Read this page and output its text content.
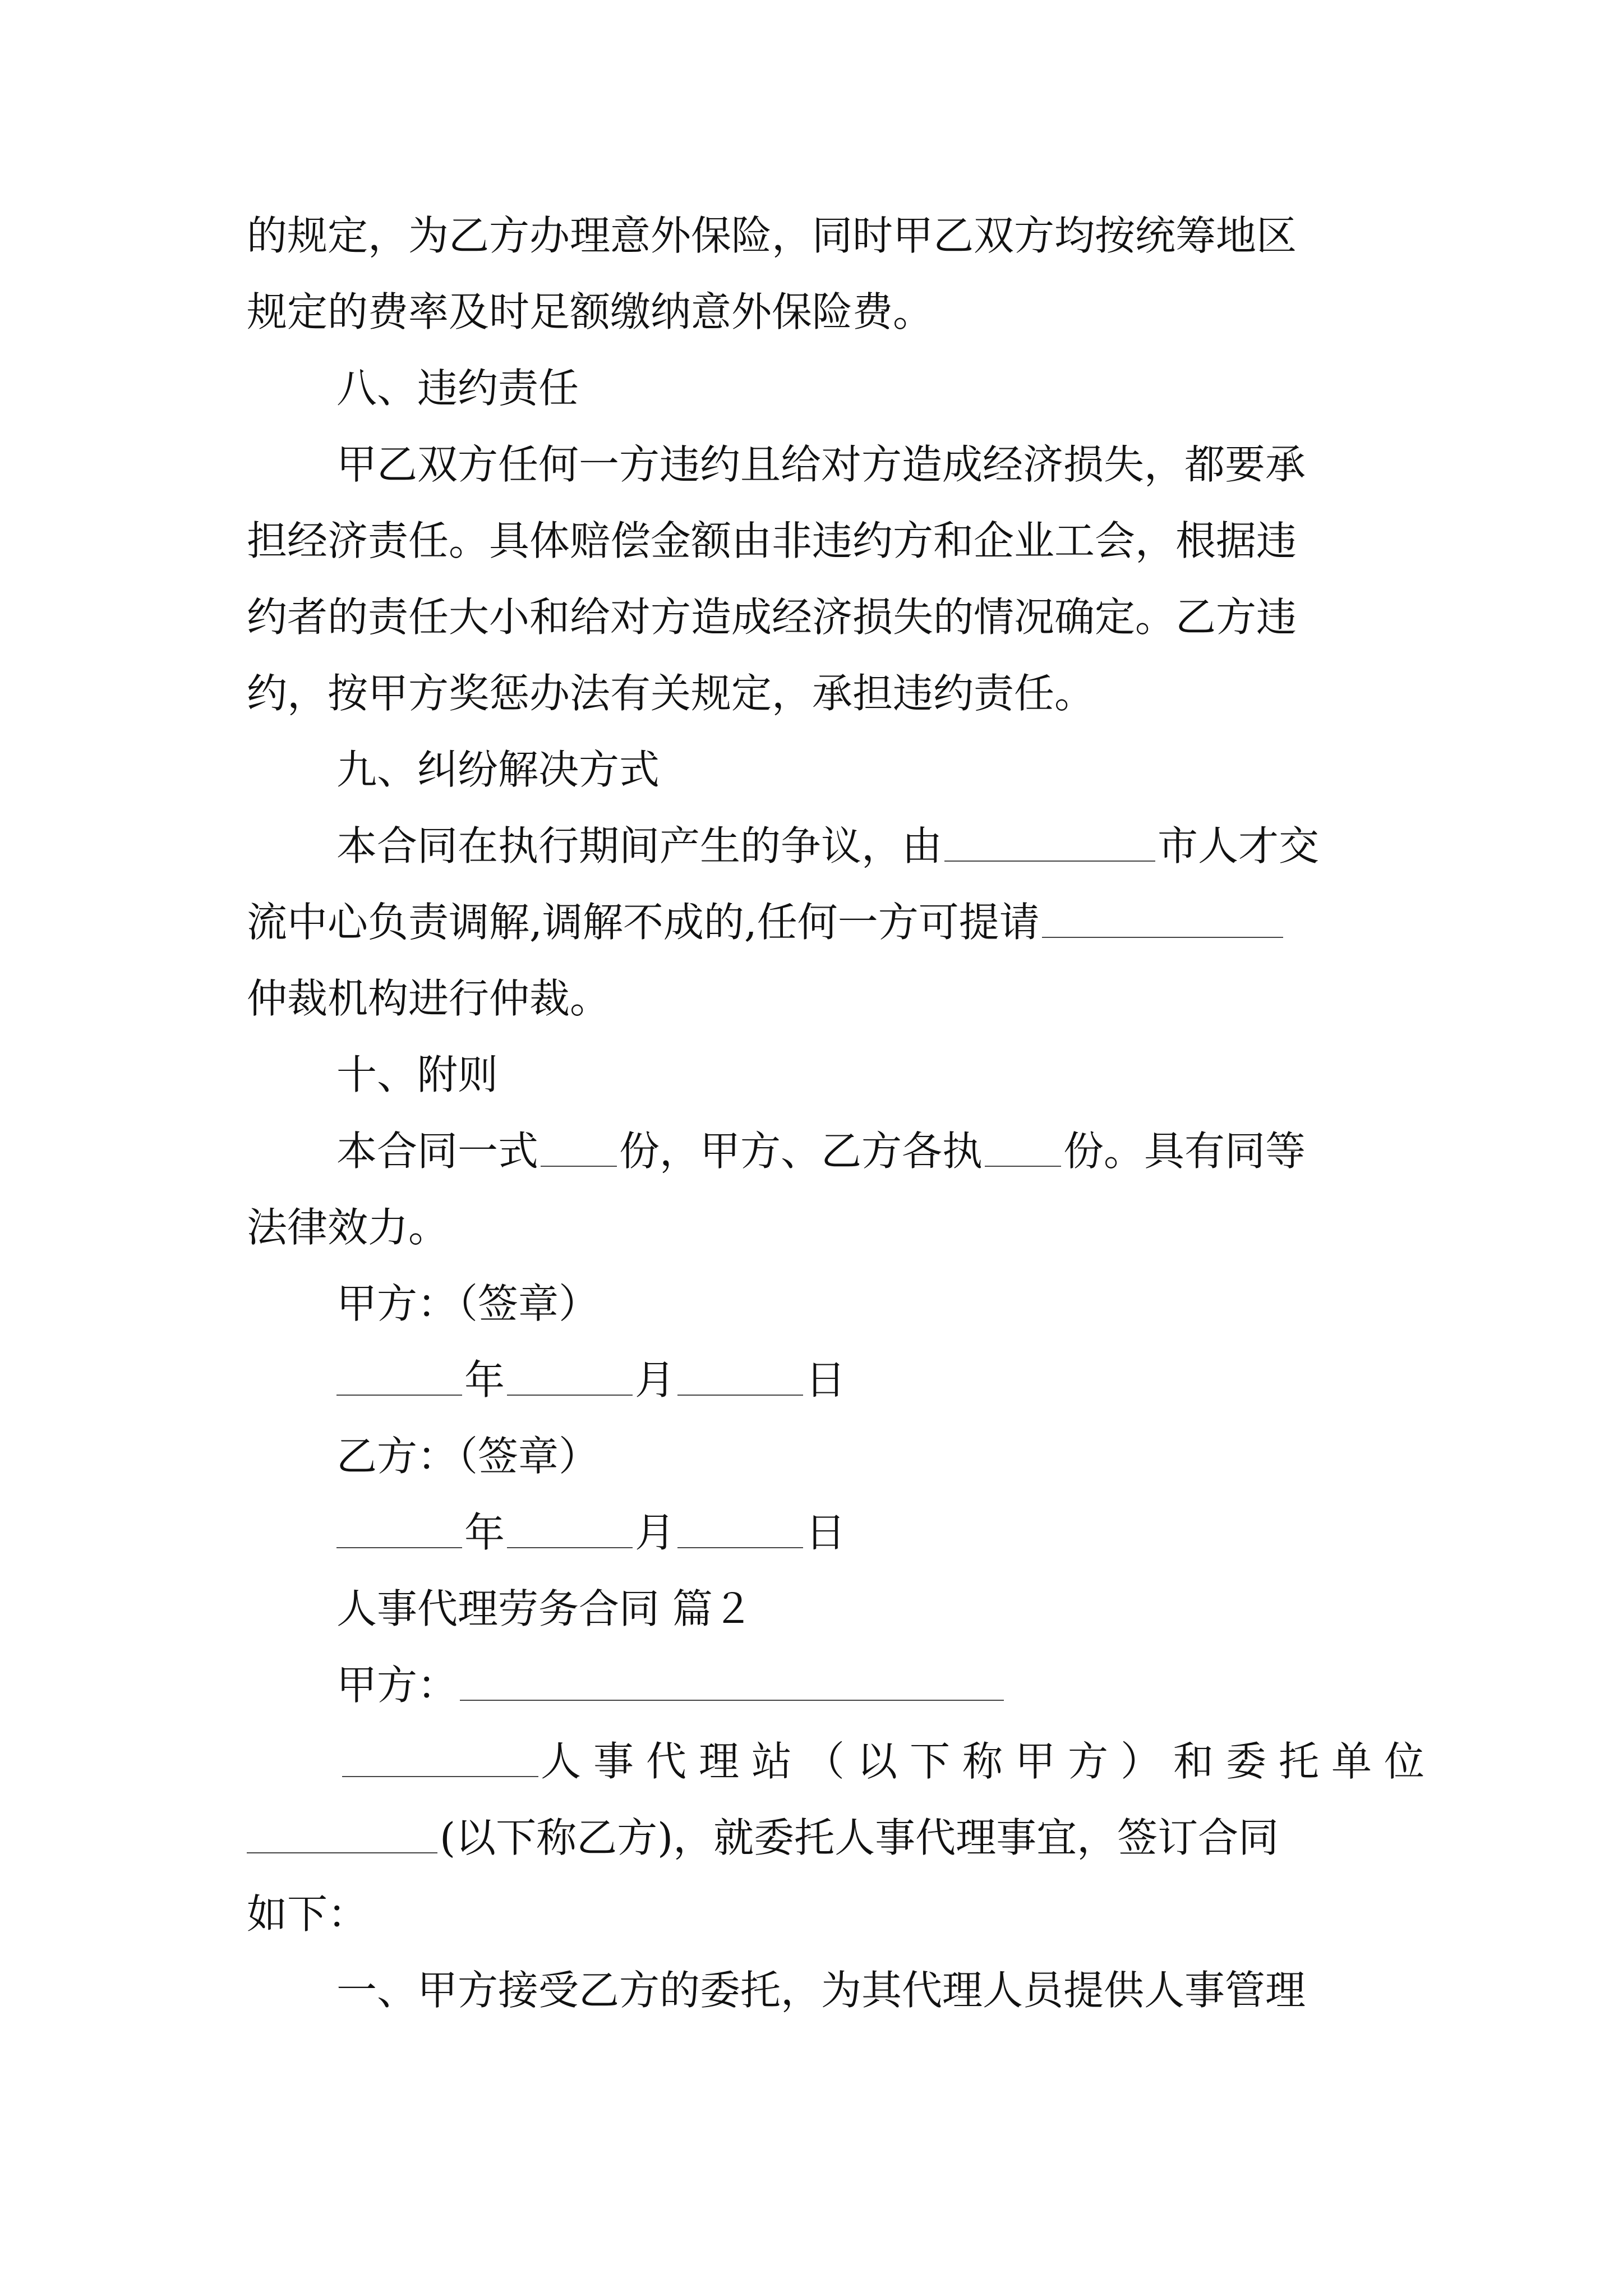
的规定，为乙方办理意外保险，同时甲乙双方均按统筹地区
规定的费率及时足额缴纳意外保险费。
八、违约责任
甲乙双方任何一方违约且给对方造成经济损失，都要承
担经济责任。具体赔偿金额由非违约方和企业工会，根据违
约者的责任大小和给对方造成经济损失的情况确定。乙方违
约，按甲方奖惩办法有关规定，承担违约责任。
九、纠纷解决方式
本合同在执行期间产生的争议，由	市人才交
流中心负责调解,调解不成的,任何一方可提请
仲裁机构进行仲裁。
十、附则
本合同一式 份，甲方、乙方各执 份。具有同等
法律效力。
甲方：（签章）
年	月	日
乙方：（签章）
年	月	日
人事代理劳务合同 篇２
甲方：
人事代理站（以下称甲方）和委托单位
(以下称乙方)，就委托人事代理事宜，签订合同
如下：
一、甲方接受乙方的委托，为其代理人员提供人事管理
